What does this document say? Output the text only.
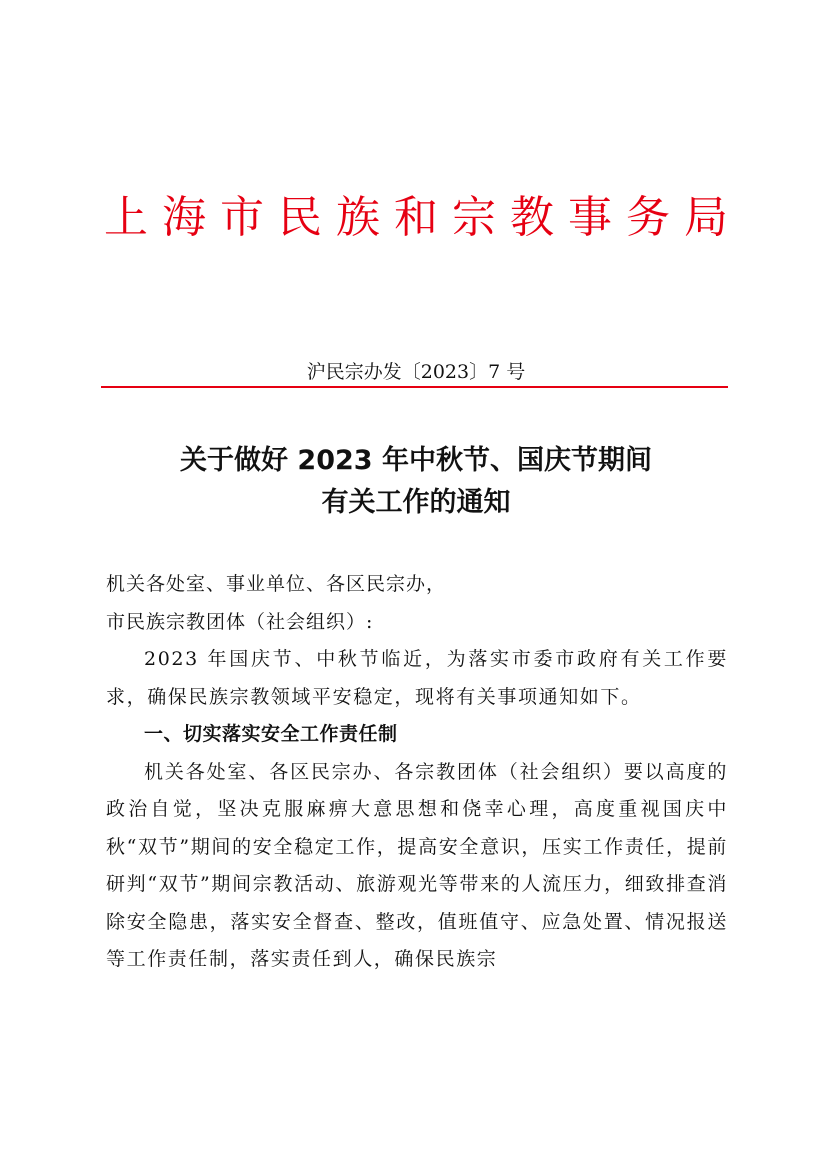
上 海 市 民 族 和 宗 教 事 务 局
沪民宗办发〔2023〕7 号
关于做好 2023 年中秋节、国庆节期间
有关工作的通知

机关各处室、事业单位、各区民宗办，

市民族宗教团体（社会组织）:

2023 年国庆节、中秋节临近，为落实市委市政府有关工作要求，确保民族宗教领域平安稳定，现将有关事项通知如下。

一、切实落实安全工作责任制

机关各处室、各区民宗办、各宗教团体（社会组织）要以高度的政治自觉，坚决克服麻痹大意思想和侥幸心理，高度重视国庆中秋“双节”期间的安全稳定工作，提高安全意识，压实工作责任，提前研判“双节”期间宗教活动、旅游观光等带来的人流压力，细致排查消除安全隐患，落实安全督查、整改，值班值守、应急处置、情况报送等工作责任制，落实责任到人，确保民族宗
